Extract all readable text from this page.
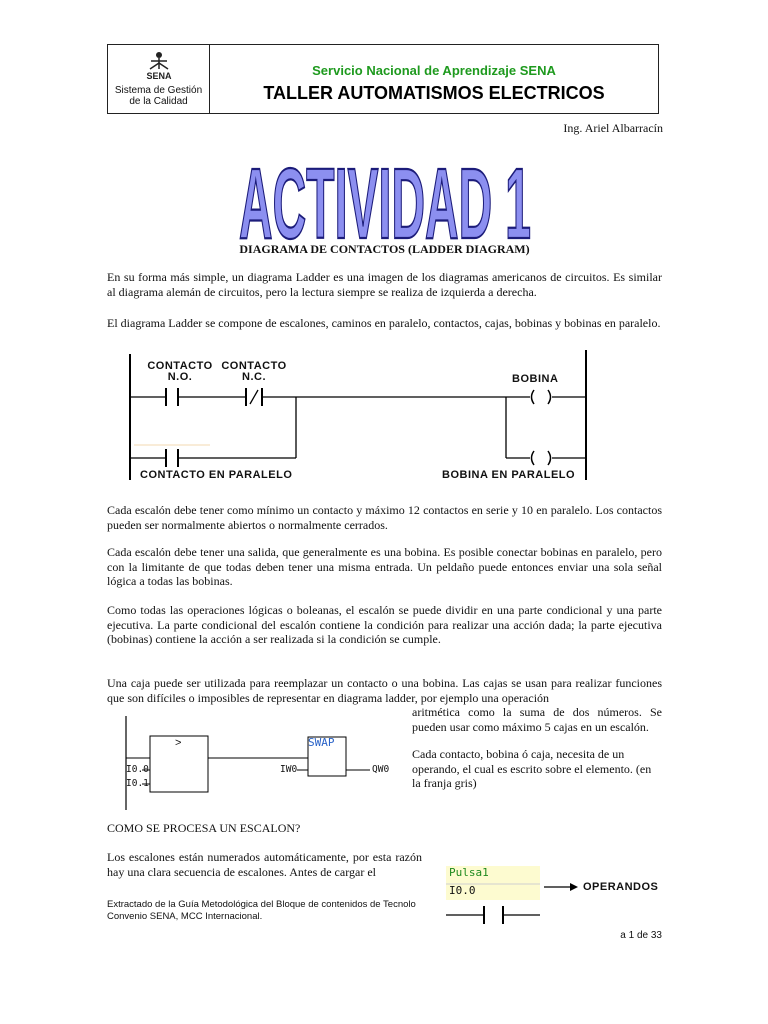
SENA
Sistema de Gestión
de la Calidad
Servicio Nacional de Aprendizaje SENA
TALLER AUTOMATISMOS ELECTRICOS
Ing. Ariel Albarracín
ACTIVIDAD 1
DIAGRAMA DE CONTACTOS (LADDER DIAGRAM)
En su forma más simple, un diagrama Ladder es una imagen de los diagramas americanos de circuitos. Es similar al diagrama alemán de circuitos, pero la lectura siempre se realiza de izquierda a derecha.
El diagrama Ladder se compone de escalones, caminos en paralelo, contactos, cajas, bobinas y bobinas en paralelo.
CONTACTO
N.O.
CONTACTO
N.C.	BOBINA
CONTACTO EN PARALELO	BOBINA EN PARALELO
Cada escalón debe tener como mínimo un contacto y máximo 12 contactos en serie y 10 en paralelo. Los contactos pueden ser normalmente abiertos o normalmente cerrados.
Cada escalón debe tener una salida, que generalmente es una bobina. Es posible conectar bobinas en paralelo, pero con la limitante de que todas deben tener una misma entrada. Un peldaño puede entonces enviar una sola señal lógica a todas las bobinas.
Como todas las operaciones lógicas o boleanas, el escalón se puede dividir en una parte condicional y una parte ejecutiva. La parte condicional del escalón contiene la condición para realizar una acción dada; la parte ejecutiva (bobinas) contiene la acción a ser realizada si la condición se cumple.
Una caja puede ser utilizada para reemplazar un contacto o una bobina. Las cajas se usan para realizar funciones que son difíciles o imposibles de representar en diagrama ladder, por ejemplo una operación
aritmética como la suma de dos números. Se pueden usar como máximo 5 cajas en un escalón.
Cada contacto, bobina ó caja, necesita de un operando, el cual es escrito sobre el elemento. (en la franja gris)
>	SWAP
I0.0
I0.1
IW0	QW0
COMO SE PROCESA UN ESCALON?
Los escalones están numerados automáticamente, por esta razón hay una clara secuencia de escalones. Antes de cargar el	Pulsa1
I0.0	OPERANDOS
Extractado de la Guía Metodológica del Bloque de contenidos de Tecnolo
Convenio SENA, MCC Internacional.
a 1 de 33
